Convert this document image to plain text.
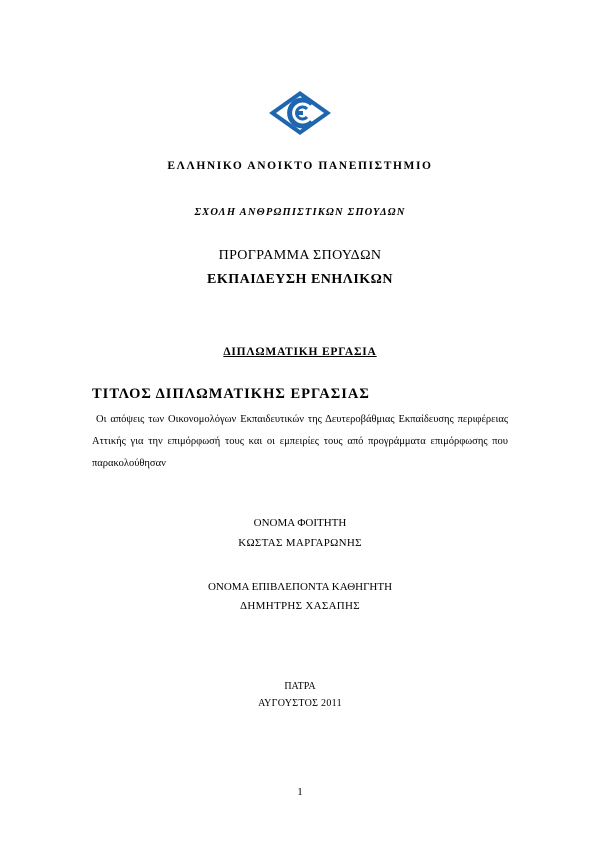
ΕΛΛΗΝΙΚΟ ΑΝΟΙΚΤΟ ΠΑΝΕΠΙΣΤΗΜΙΟ
ΣΧΟΛΗ ΑΝΘΡΩΠΙΣΤΙΚΩΝ ΣΠΟΥΔΩΝ
ΠΡΟΓΡΑΜΜΑ ΣΠΟΥΔΩΝ
ΕΚΠΑΙΔΕΥΣΗ ΕΝΗΛΙΚΩΝ
ΔΙΠΛΩΜΑΤΙΚΗ ΕΡΓΑΣΙΑ
ΤΙΤΛΟΣ ΔΙΠΛΩΜΑΤΙΚΗΣ ΕΡΓΑΣΙΑΣ
Οι απόψεις των Οικονομολόγων Εκπαιδευτικών της Δευτεροβάθμιας Εκπαίδευσης περιφέρειας Αττικής για την επιμόρφωσή τους και οι εμπειρίες τους από προγράμματα επιμόρφωσης που παρακολούθησαν
ΟΝΟΜΑ ΦΟΙΤΗΤΗ
ΚΩΣΤΑΣ ΜΑΡΓΑΡΩΝΗΣ
ΟΝΟΜΑ ΕΠΙΒΛΕΠΟΝΤΑ ΚΑΘΗΓΗΤΗ
ΔΗΜΗΤΡΗΣ ΧΑΣΑΠΗΣ
ΠΑΤΡΑ
ΑΥΓΟΥΣΤΟΣ 2011
1
